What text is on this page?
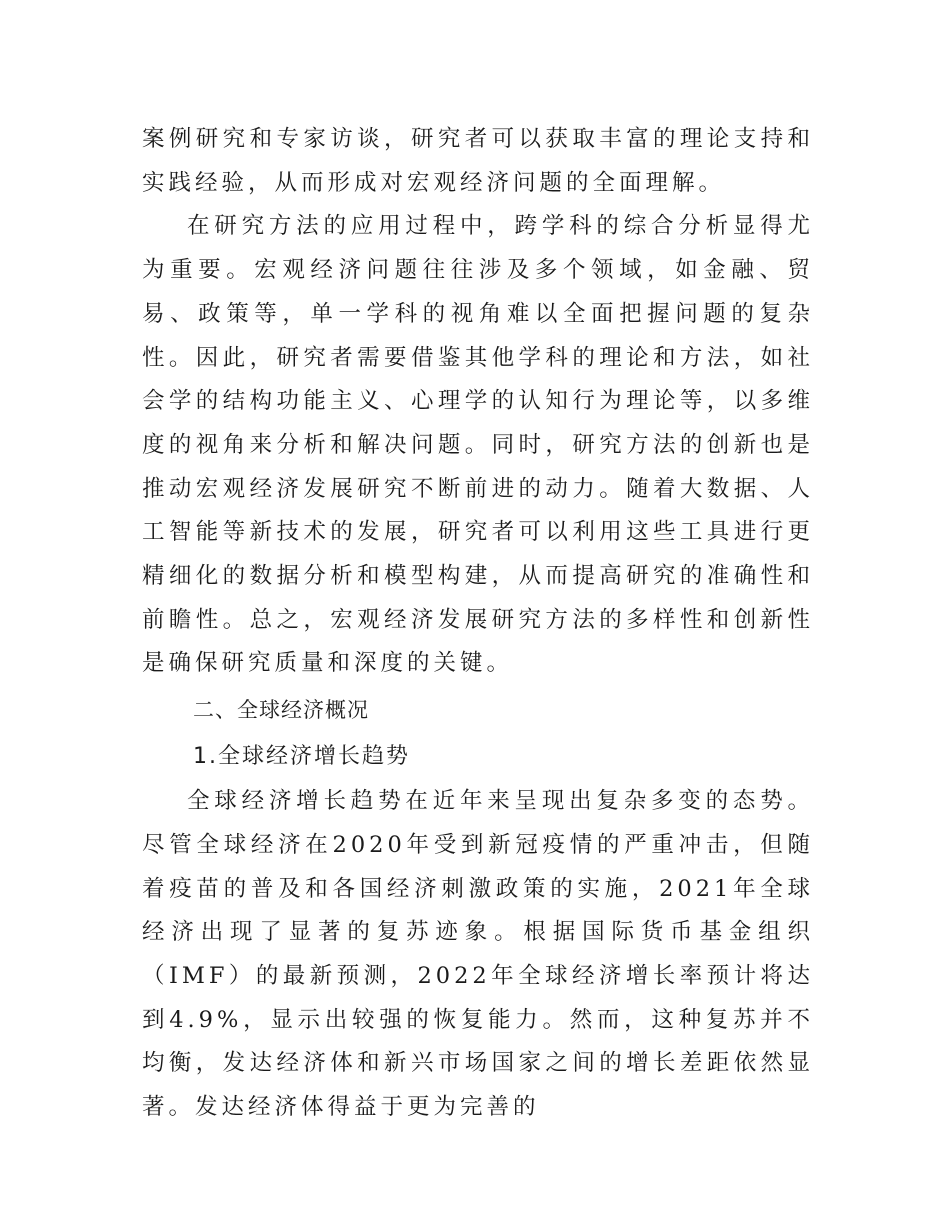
案例研究和专家访谈，研究者可以获取丰富的理论支持和实践经验，从而形成对宏观经济问题的全面理解。

在研究方法的应用过程中，跨学科的综合分析显得尤为重要。宏观经济问题往往涉及多个领域，如金融、贸易、政策等，单一学科的视角难以全面把握问题的复杂性。因此，研究者需要借鉴其他学科的理论和方法，如社会学的结构功能主义、心理学的认知行为理论等，以多维度的视角来分析和解决问题。同时，研究方法的创新也是推动宏观经济发展研究不断前进的动力。随着大数据、人工智能等新技术的发展，研究者可以利用这些工具进行更精细化的数据分析和模型构建，从而提高研究的准确性和前瞻性。总之，宏观经济发展研究方法的多样性和创新性是确保研究质量和深度的关键。

二、全球经济概况

1.全球经济增长趋势

全球经济增长趋势在近年来呈现出复杂多变的态势。尽管全球经济在2020年受到新冠疫情的严重冲击，但随着疫苗的普及和各国经济刺激政策的实施，2021年全球经济出现了显著的复苏迹象。根据国际货币基金组织（IMF）的最新预测，2022年全球经济增长率预计将达到4.9%，显示出较强的恢复能力。然而，这种复苏并不均衡，发达经济体和新兴市场国家之间的增长差距依然显著。发达经济体得益于更为完善的
